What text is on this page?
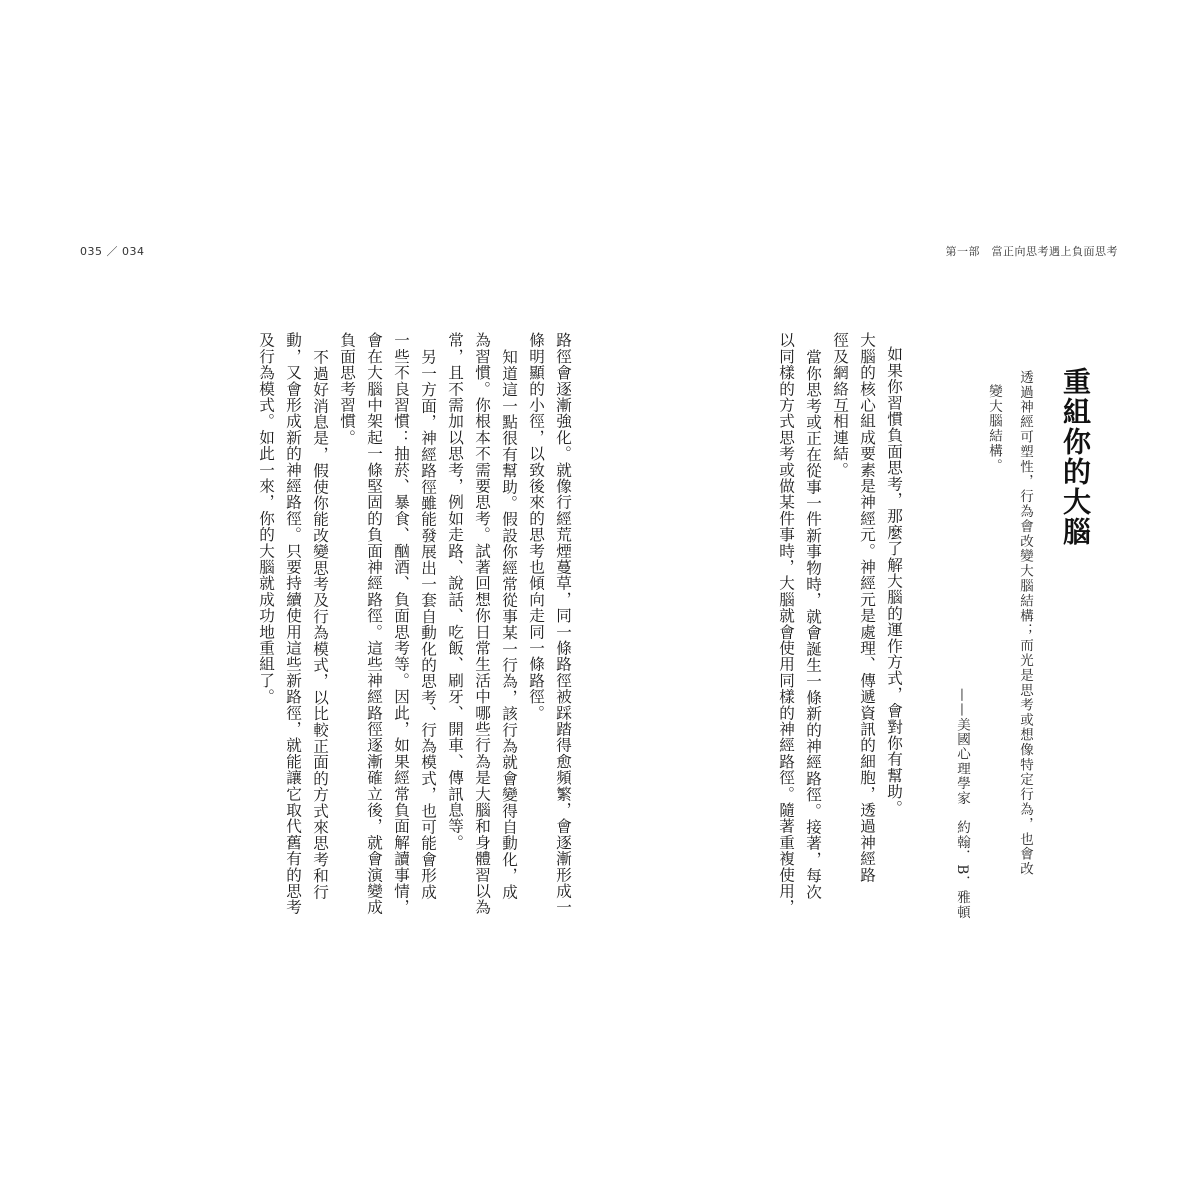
035 ／ 034	第一部　當正向思考遇上負面思考
重組你的大腦
透過神經可塑性，行為會改變大腦結構；而光是思考或想像特定行為，也會改
變大腦結構。
——美國心理學家　約翰．B．雅頓
如果你習慣負面思考，那麼了解大腦的運作方式，會對你有幫助。
大腦的核心組成要素是神經元。神經元是處理、傳遞資訊的細胞，透過神經路
徑及網絡互相連結。
當你思考或正在從事一件新事物時，就會誕生一條新的神經路徑。接著，每次
以同樣的方式思考或做某件事時，大腦就會使用同樣的神經路徑。隨著重複使用，
路徑會逐漸強化。就像行經荒煙蔓草，同一條路徑被踩踏得愈頻繁，會逐漸形成一
條明顯的小徑，以致後來的思考也傾向走同一條路徑。
知道這一點很有幫助。假設你經常從事某一行為，該行為就會變得自動化，成
為習慣。你根本不需要思考。試著回想你日常生活中哪些行為是大腦和身體習以為
常，且不需加以思考，例如走路、說話、吃飯、刷牙、開車、傳訊息等。
另一方面，神經路徑雖能發展出一套自動化的思考、行為模式，也可能會形成
一些不良習慣：抽菸、暴食、酗酒、負面思考等。因此，如果經常負面解讀事情，
會在大腦中架起一條堅固的負面神經路徑。這些神經路徑逐漸確立後，就會演變成
負面思考習慣。
不過好消息是，假使你能改變思考及行為模式，以比較正面的方式來思考和行
動，又會形成新的神經路徑。只要持續使用這些新路徑，就能讓它取代舊有的思考
及行為模式。如此一來，你的大腦就成功地重組了。
